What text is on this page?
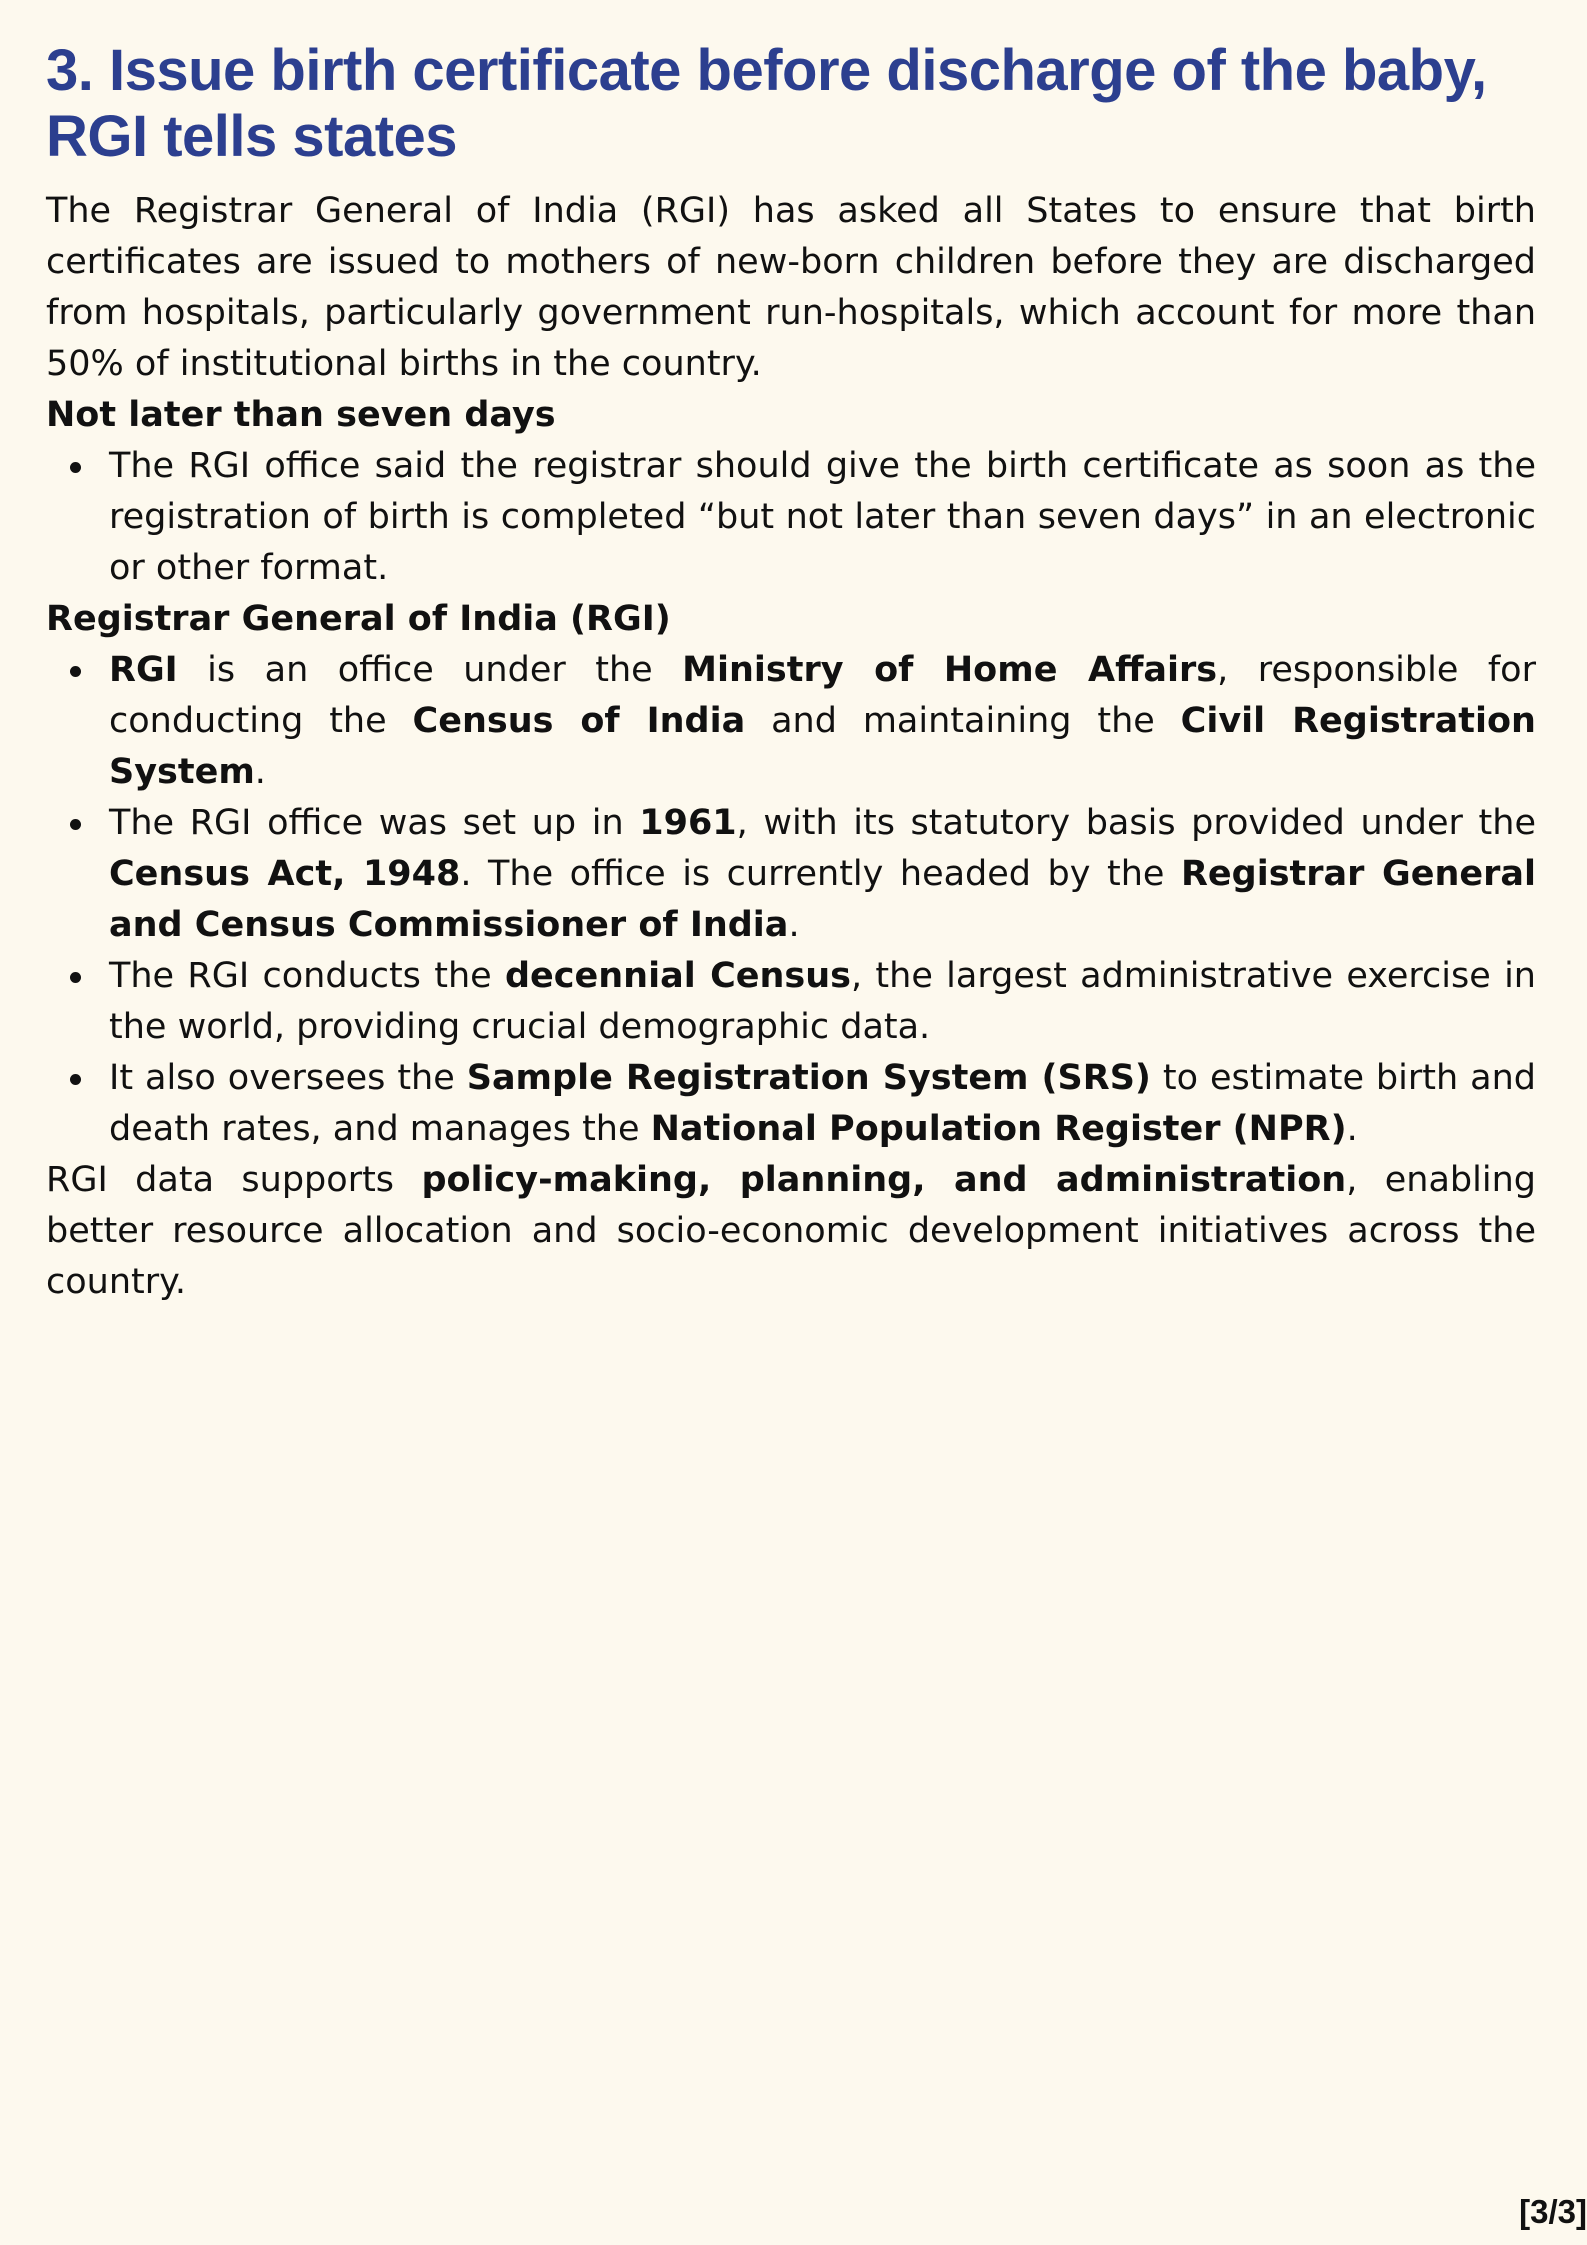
3. Issue birth certificate before discharge of the baby, RGI tells states

The Registrar General of India (RGI) has asked all States to ensure that birth certificates are issued to mothers of new-born children before they are discharged from hospitals, particularly government run-hospitals, which account for more than 50% of institutional births in the country.

Not later than seven days

The RGI office said the registrar should give the birth certificate as soon as the registration of birth is completed “but not later than seven days” in an electronic or other format.

Registrar General of India (RGI)

RGI is an office under the Ministry of Home Affairs, responsible for conducting the Census of India and maintaining the Civil Registration System.
The RGI office was set up in 1961, with its statutory basis provided under the Census Act, 1948. The office is currently headed by the Registrar General and Census Commissioner of India.
The RGI conducts the decennial Census, the largest administrative exercise in the world, providing crucial demographic data.
It also oversees the Sample Registration System (SRS) to estimate birth and death rates, and manages the National Population Register (NPR).

RGI data supports policy-making, planning, and administration, enabling better resource allocation and socio-economic development initiatives across the country.

[3/3]
